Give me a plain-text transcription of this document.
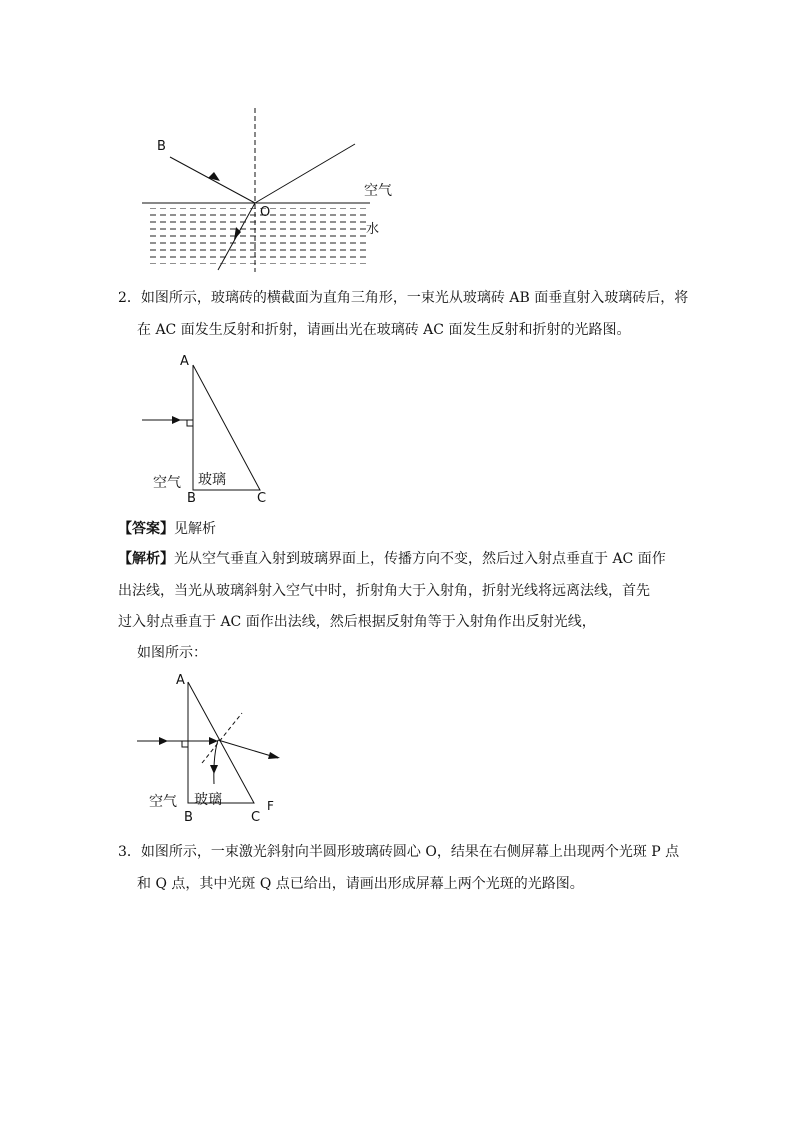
B
O
空气
水
2．如图所示，玻璃砖的横截面为直角三角形，一束光从玻璃砖 AB 面垂直射入玻璃砖后，将
在 AC 面发生反射和折射，请画出光在玻璃砖 AC 面发生反射和折射的光路图。
A
B	C
空气 玻璃
【答案】见解析
【解析】光从空气垂直入射到玻璃界面上，传播方向不变，然后过入射点垂直于 AC 面作
出法线，当光从玻璃斜射入空气中时，折射角大于入射角，折射光线将远离法线，首先
过入射点垂直于 AC 面作出法线，然后根据反射角等于入射角作出反射光线，
如图所示：
A
B	C
F
空气 玻璃
3．如图所示，一束激光斜射向半圆形玻璃砖圆心 O，结果在右侧屏幕上出现两个光斑 P 点
和 Q 点，其中光斑 Q 点已给出，请画出形成屏幕上两个光斑的光路图。
